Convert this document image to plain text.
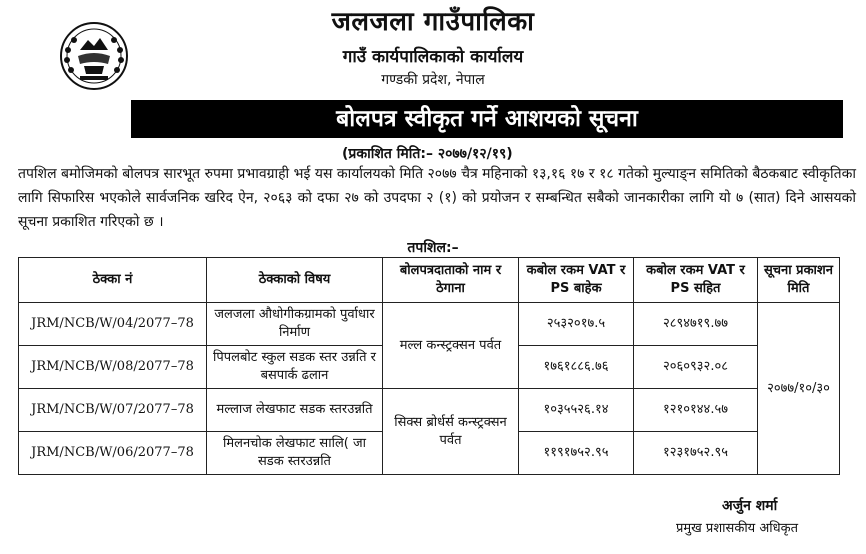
जलजला गाउँपालिका
गाउँ कार्यपालिकाको कार्यालय
गण्डकी प्रदेश, नेपाल
बोलपत्र स्वीकृत गर्ने आशयको सूचना
(प्रकाशित मिति:– २०७७/१२/१९)
तपशिल बमोजिमको बोलपत्र सारभूत रुपमा प्रभावग्राही भई यस कार्यालयको मिति २०७७ चैत्र महिनाको १३,१६ १७ र १८ गतेको मुल्याङ्न समितिको बैठकबाट स्वीकृतिका लागि सिफारिस भएकोले सार्वजनिक खरिद ऐन, २०६३ को दफा २७ को उपदफा २ (१) को प्रयोजन र सम्बन्धित सबैको जानकारीका लागि यो ७ (सात) दिने आसयको सूचना प्रकाशित गरिएको छ ।
तपशिल:–
ठेक्का नं	ठेक्काको विषय	बोलपत्रदाताको नाम र ठेगाना	कबोल रकम VAT र PS बाहेक	कबोल रकम VAT र PS सहित	सूचना प्रकाशन मिति
JRM/NCB/W/04/2077–78	जलजला औधोगीकग्रामको पुर्वाधार निर्माण	मल्ल कन्स्ट्रक्सन पर्वत	२५३२०१७.५	२८९४७१९.७७	२०७७/१०/३०
JRM/NCB/W/08/2077–78	पिपलबोट स्कुल सडक स्तर उन्नति र बसपार्क ढलान		१७६१८८६.७६	२०६०९३२.०८	
JRM/NCB/W/07/2077–78	मल्लाज लेखफाट सडक स्तरउन्नति	सिक्स ब्रोर्धर्स कन्स्ट्रक्सन पर्वत	१०३५५२६.१४	१२१०१४४.५७	
JRM/NCB/W/06/2077–78	मिलनचोक लेखफाट सालि( जा सडक स्तरउन्नति		११९१७५२.९५	१२३१७५२.९५	
अर्जुन शर्मा
प्रमुख प्रशासकीय अधिकृत
